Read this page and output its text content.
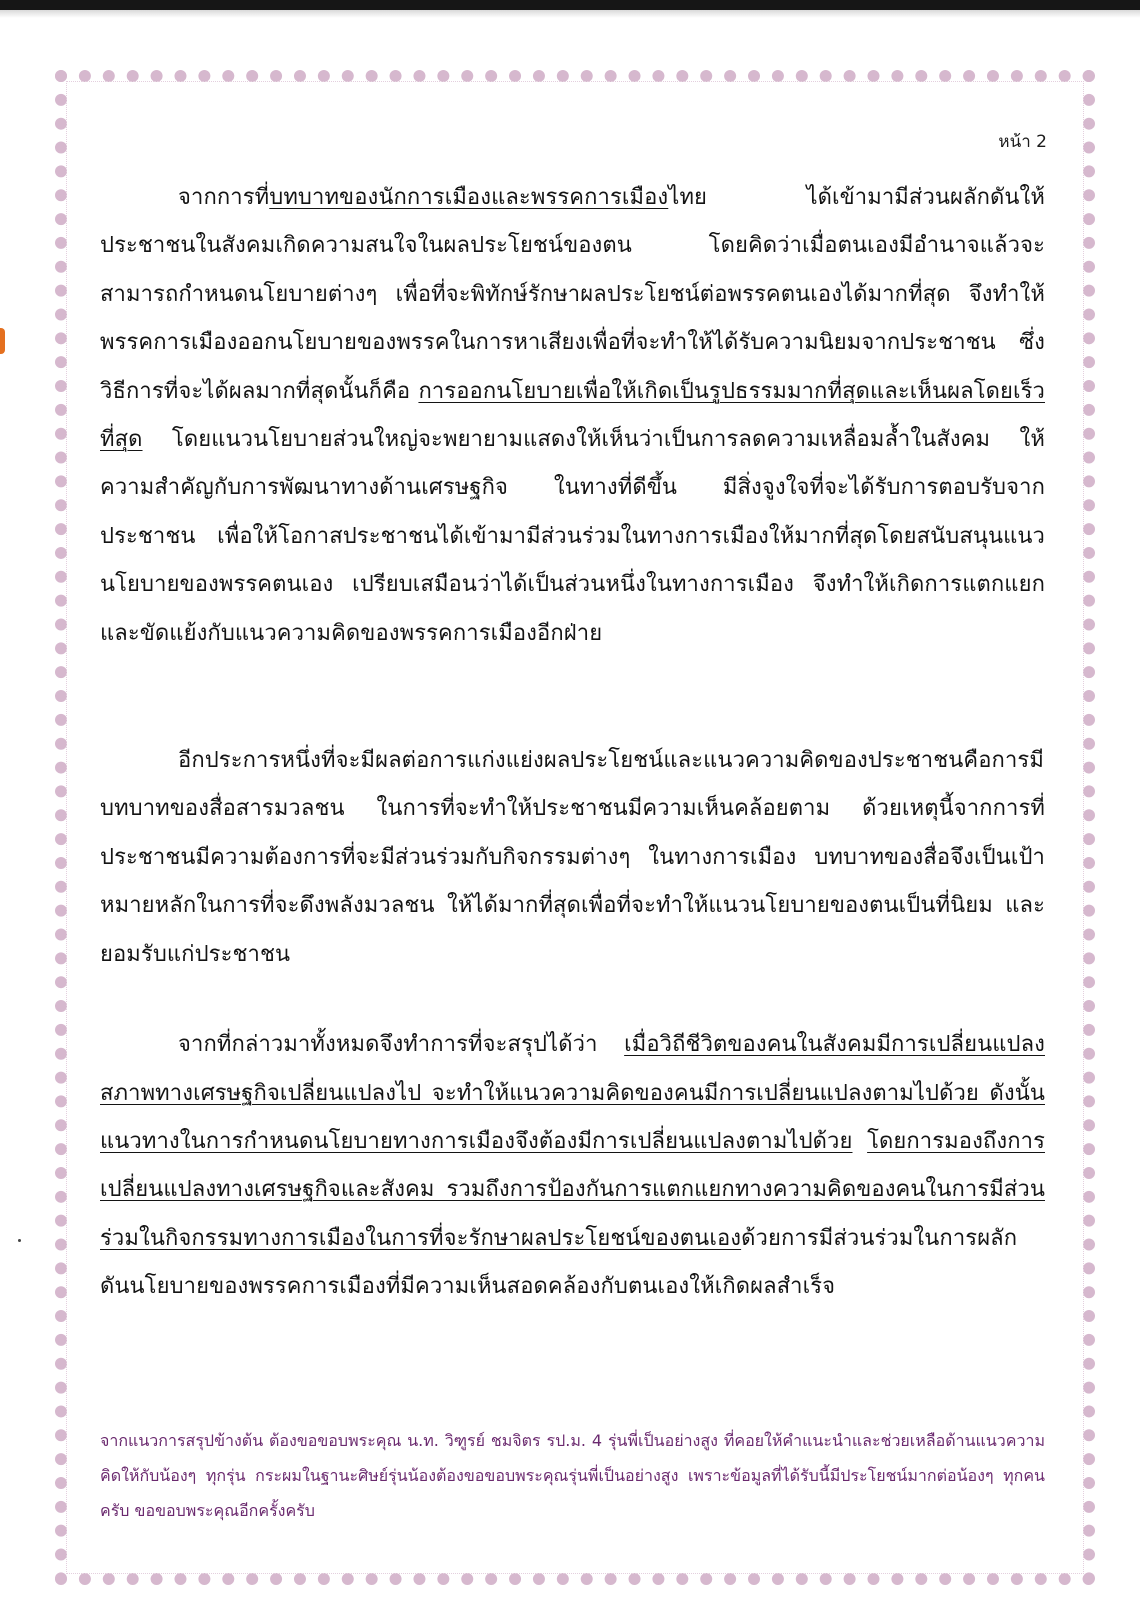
หน้า 2

จากการที่บทบาทของนักการเมืองและพรรคการเมืองไทย ได้เข้ามามีส่วนผลักดันให้ประชาชนในสังคมเกิดความสนใจในผลประโยชน์ของตน โดยคิดว่าเมื่อตนเองมีอำนาจแล้วจะสามารถกำหนดนโยบายต่างๆ เพื่อที่จะพิทักษ์รักษาผลประโยชน์ต่อพรรคตนเองได้มากที่สุด จึงทำให้พรรคการเมืองออกนโยบายของพรรคในการหาเสียงเพื่อที่จะทำให้ได้รับความนิยมจากประชาชน ซึ่งวิธีการที่จะได้ผลมากที่สุดนั้นก็คือ การออกนโยบายเพื่อให้เกิดเป็นรูปธรรมมากที่สุดและเห็นผลโดยเร็วที่สุด โดยแนวนโยบายส่วนใหญ่จะพยายามแสดงให้เห็นว่าเป็นการลดความเหลื่อมล้ำในสังคม ให้ความสำคัญกับการพัฒนาทางด้านเศรษฐกิจ ในทางที่ดีขึ้น มีสิ่งจูงใจที่จะได้รับการตอบรับจากประชาชน เพื่อให้โอกาสประชาชนได้เข้ามามีส่วนร่วมในทางการเมืองให้มากที่สุดโดยสนับสนุนแนวนโยบายของพรรคตนเอง เปรียบเสมือนว่าได้เป็นส่วนหนึ่งในทางการเมือง จึงทำให้เกิดการแตกแยกและขัดแย้งกับแนวความคิดของพรรคการเมืองอีกฝ่าย

อีกประการหนึ่งที่จะมีผลต่อการแก่งแย่งผลประโยชน์และแนวความคิดของประชาชนคือการมีบทบาทของสื่อสารมวลชน ในการที่จะทำให้ประชาชนมีความเห็นคล้อยตาม ด้วยเหตุนี้จากการที่ประชาชนมีความต้องการที่จะมีส่วนร่วมกับกิจกรรมต่างๆ ในทางการเมือง บทบาทของสื่อจึงเป็นเป้าหมายหลักในการที่จะดึงพลังมวลชน ให้ได้มากที่สุดเพื่อที่จะทำให้แนวนโยบายของตนเป็นที่นิยม และยอมรับแก่ประชาชน

จากที่กล่าวมาทั้งหมดจึงทำการที่จะสรุปได้ว่า เมื่อวิถีชีวิตของคนในสังคมมีการเปลี่ยนแปลง สภาพทางเศรษฐกิจเปลี่ยนแปลงไป จะทำให้แนวความคิดของคนมีการเปลี่ยนแปลงตามไปด้วย ดังนั้น แนวทางในการกำหนดนโยบายทางการเมืองจึงต้องมีการเปลี่ยนแปลงตามไปด้วย โดยการมองถึงการเปลี่ยนแปลงทางเศรษฐกิจและสังคม รวมถึงการป้องกันการแตกแยกทางความคิดของคนในการมีส่วนร่วมในกิจกรรมทางการเมืองในการที่จะรักษาผลประโยชน์ของตนเองด้วยการมีส่วนร่วมในการผลักดันนโยบายของพรรคการเมืองที่มีความเห็นสอดคล้องกับตนเองให้เกิดผลสำเร็จ

จากแนวการสรุปข้างต้น ต้องขอขอบพระคุณ น.ท. วิฑูรย์ ชมจิตร รป.ม. 4 รุ่นพี่เป็นอย่างสูง ที่คอยให้คำแนะนำและช่วยเหลือด้านแนวความคิดให้กับน้องๆ ทุกรุ่น กระผมในฐานะศิษย์รุ่นน้องต้องขอขอบพระคุณรุ่นพี่เป็นอย่างสูง เพราะข้อมูลที่ได้รับนี้มีประโยชน์มากต่อน้องๆ ทุกคนครับ ขอขอบพระคุณอีกครั้งครับ
